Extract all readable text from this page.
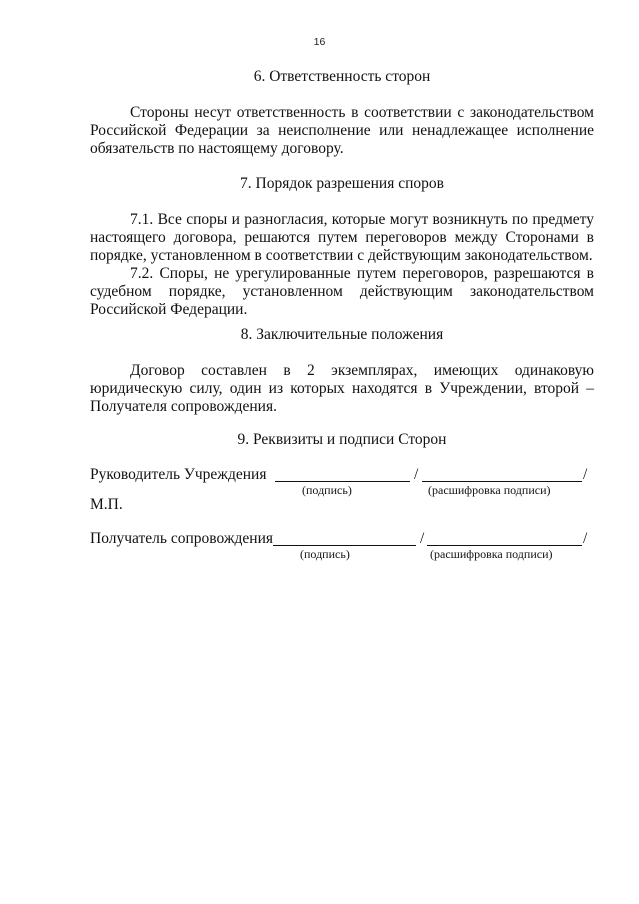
16
6. Ответственность сторон
Стороны несут ответственность в соответствии с законодательством
Российской Федерации за неисполнение или ненадлежащее исполнение
обязательств по настоящему договору.
7. Порядок разрешения споров
7.1. Все споры и разногласия, которые могут возникнуть по предмету
настоящего договора, решаются путем переговоров между Сторонами в
порядке, установленном в соответствии с действующим законодательством.
7.2. Споры, не урегулированные путем переговоров, разрешаются в
судебном порядке, установленном действующим законодательством
Российской Федерации.
8. Заключительные положения
Договор составлен в 2 экземплярах, имеющих одинаковую
юридическую силу, один из которых находятся в Учреждении, второй –
Получателя сопровождения.
9. Реквизиты и подписи Сторон
Руководитель Учреждения	/	/
(подпись)	(расшифровка подписи)
М.П.
Получатель сопровождения	/	/
(подпись)	(расшифровка подписи)
